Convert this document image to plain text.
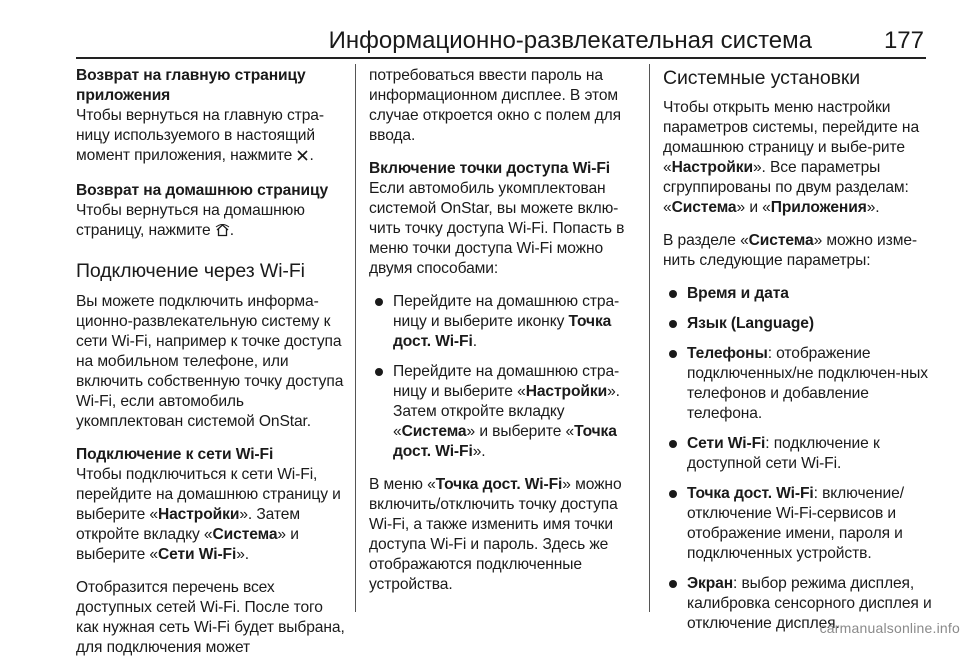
Информационно-развлекательная система	177

Возврат на главную страницу приложения

Чтобы вернуться на главную стра-ницу используемого в настоящий момент приложения, нажмите .

Возврат на домашнюю страницу

Чтобы вернуться на домашнюю страницу, нажмите .

Подключение через Wi-Fi

Вы можете подключить информа-ционно-развлекательную систему к сети Wi-Fi, например к точке доступа на мобильном телефоне, или включить собственную точку доступа Wi-Fi, если автомобиль укомплектован системой OnStar.

Подключение к сети Wi-Fi

Чтобы подключиться к сети Wi-Fi, перейдите на домашнюю страницу и выберите «Настройки». Затем откройте вкладку «Система» и выберите «Сети Wi-Fi».

Отобразится перечень всех доступных сетей Wi-Fi. После того как нужная сеть Wi-Fi будет выбрана, для подключения может

потребоваться ввести пароль на информационном дисплее. В этом случае откроется окно с полем для ввода.

Включение точки доступа Wi-Fi

Если автомобиль укомплектован системой OnStar, вы можете вклю-чить точку доступа Wi-Fi. Попасть в меню точки доступа Wi-Fi можно двумя способами:

Перейдите на домашнюю стра-ницу и выберите иконку Точка дост. Wi-Fi.
Перейдите на домашнюю стра-ницу и выберите «Настройки». Затем откройте вкладку «Система» и выберите «Точка дост. Wi-Fi».

В меню «Точка дост. Wi-Fi» можно включить/отключить точку доступа Wi-Fi, а также изменить имя точки доступа Wi-Fi и пароль. Здесь же отображаются подключенные устройства.

Системные установки

Чтобы открыть меню настройки параметров системы, перейдите на домашнюю страницу и выбе-рите «Настройки». Все параметры сгруппированы по двум разделам: «Система» и «Приложения».

В разделе «Система» можно изме-нить следующие параметры:

Время и дата
Язык (Language)
Телефоны: отображение подключенных/не подключен-ных телефонов и добавление телефона.
Сети Wi-Fi: подключение к доступной сети Wi-Fi.
Точка дост. Wi-Fi: включение/ отключение Wi-Fi-сервисов и отображение имени, пароля и подключенных устройств.
Экран: выбор режима дисплея, калибровка сенсорного дисплея и отключение дисплея.
carmanualsonline.info
